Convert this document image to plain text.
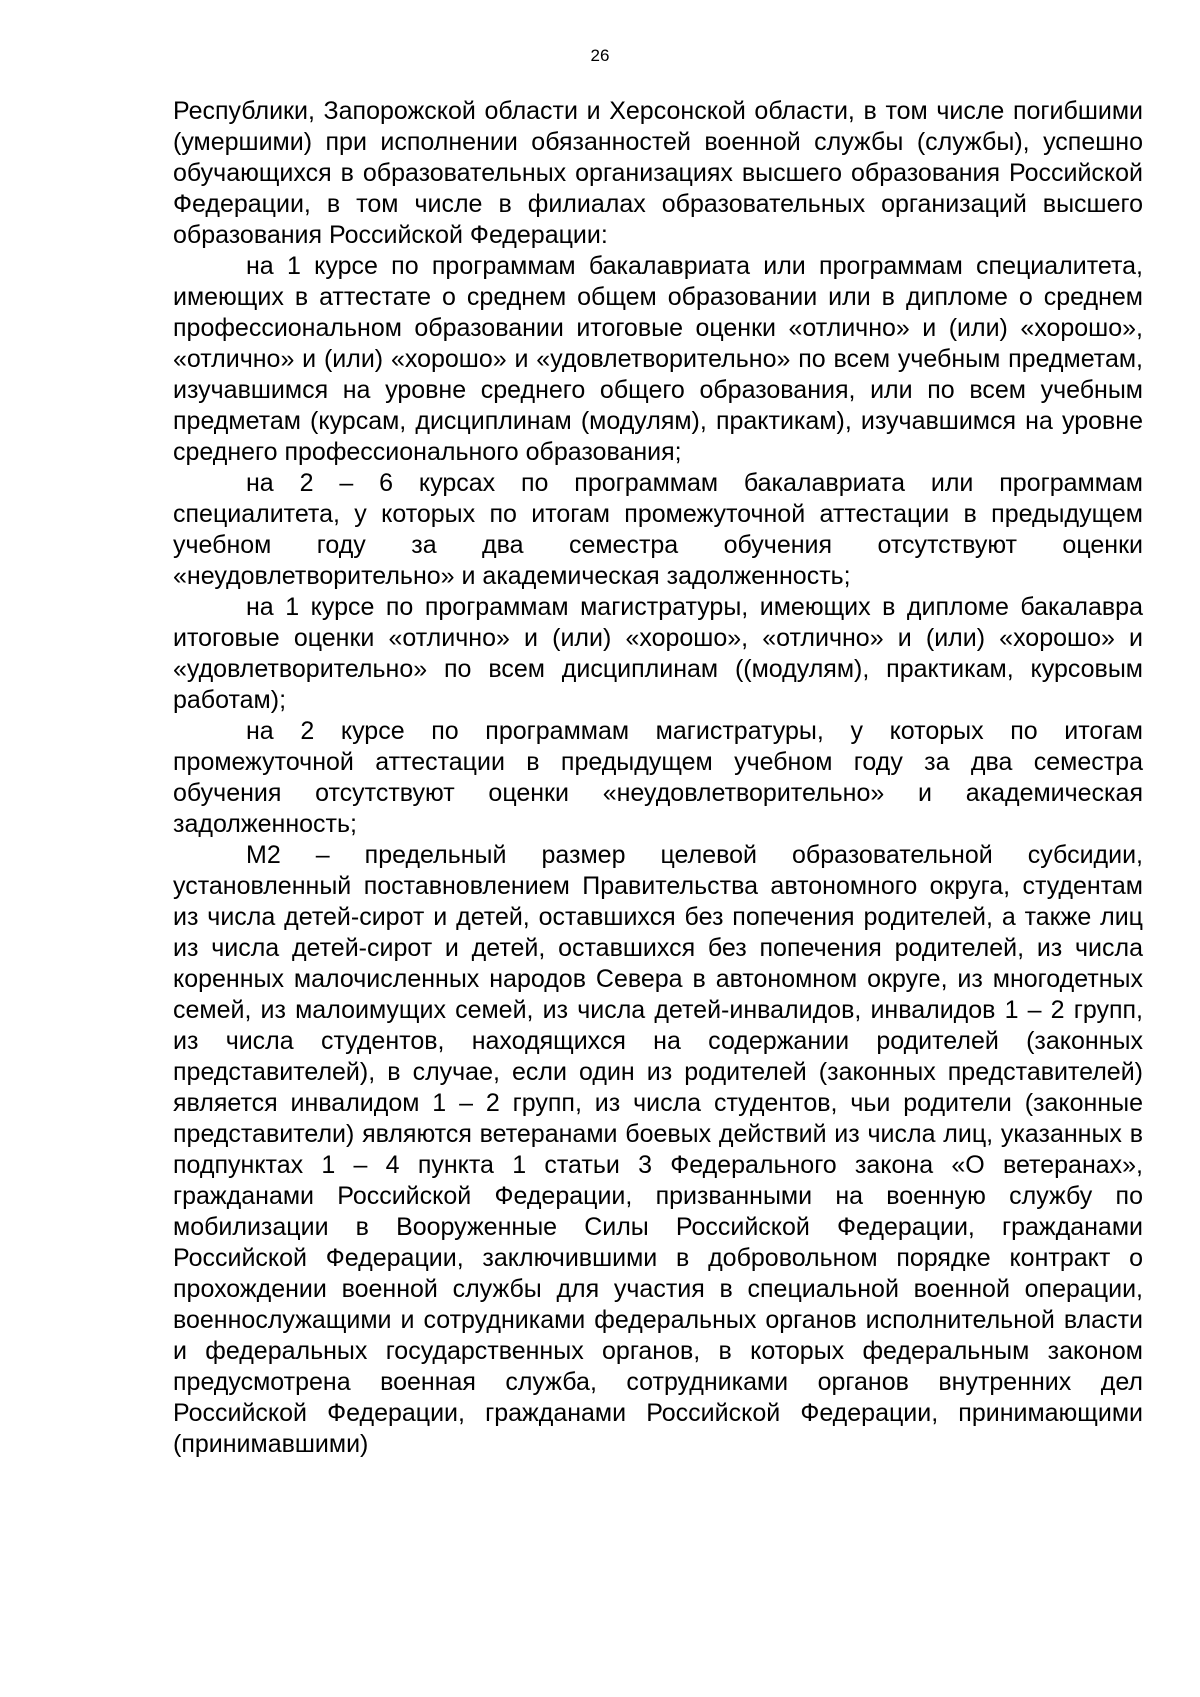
26

Республики, Запорожской области и Херсонской области, в том числе погибшими (умершими) при исполнении обязанностей военной службы (службы), успешно обучающихся в образовательных организациях высшего образования Российской Федерации, в том числе в филиалах образовательных организаций высшего образования Российской Федерации:

на 1 курсе по программам бакалавриата или программам специалитета, имеющих в аттестате о среднем общем образовании или в дипломе о среднем профессиональном образовании итоговые оценки «отлично» и (или) «хорошо», «отлично» и (или) «хорошо» и «удовлетворительно» по всем учебным предметам, изучавшимся на уровне среднего общего образования, или по всем учебным предметам (курсам, дисциплинам (модулям), практикам), изучавшимся на уровне среднего профессионального образования;

на 2 – 6 курсах по программам бакалавриата или программам специалитета, у которых по итогам промежуточной аттестации в предыдущем учебном году за два семестра обучения отсутствуют оценки «неудовлетворительно» и академическая задолженность;

на 1 курсе по программам магистратуры, имеющих в дипломе бакалавра итоговые оценки «отлично» и (или) «хорошо», «отлично» и (или) «хорошо» и «удовлетворительно» по всем дисциплинам ((модулям), практикам, курсовым работам);

на 2 курсе по программам магистратуры, у которых по итогам промежуточной аттестации в предыдущем учебном году за два семестра обучения отсутствуют оценки «неудовлетворительно» и академическая задолженность;

М2 – предельный размер целевой образовательной субсидии, установленный поставновлением Правительства автономного округа, студентам из числа детей-сирот и детей, оставшихся без попечения родителей, а также лиц из числа детей-сирот и детей, оставшихся без попечения родителей, из числа коренных малочисленных народов Севера в автономном округе, из многодетных семей, из малоимущих семей, из числа детей-инвалидов, инвалидов 1 – 2 групп, из числа студентов, находящихся на содержании родителей (законных представителей), в случае, если один из родителей (законных представителей) является инвалидом 1 – 2 групп, из числа студентов, чьи родители (законные представители) являются ветеранами боевых действий из числа лиц, указанных в подпунктах 1 – 4 пункта 1 статьи 3 Федерального закона «О ветеранах», гражданами Российской Федерации, призванными на военную службу по мобилизации в Вооруженные Силы Российской Федерации, гражданами Российской Федерации, заключившими в добровольном порядке контракт о прохождении военной службы для участия в специальной военной операции, военнослужащими и сотрудниками федеральных органов исполнительной власти и федеральных государственных органов, в которых федеральным законом предусмотрена военная служба, сотрудниками органов внутренних дел Российской Федерации, гражданами Российской Федерации, принимающими (принимавшими)
